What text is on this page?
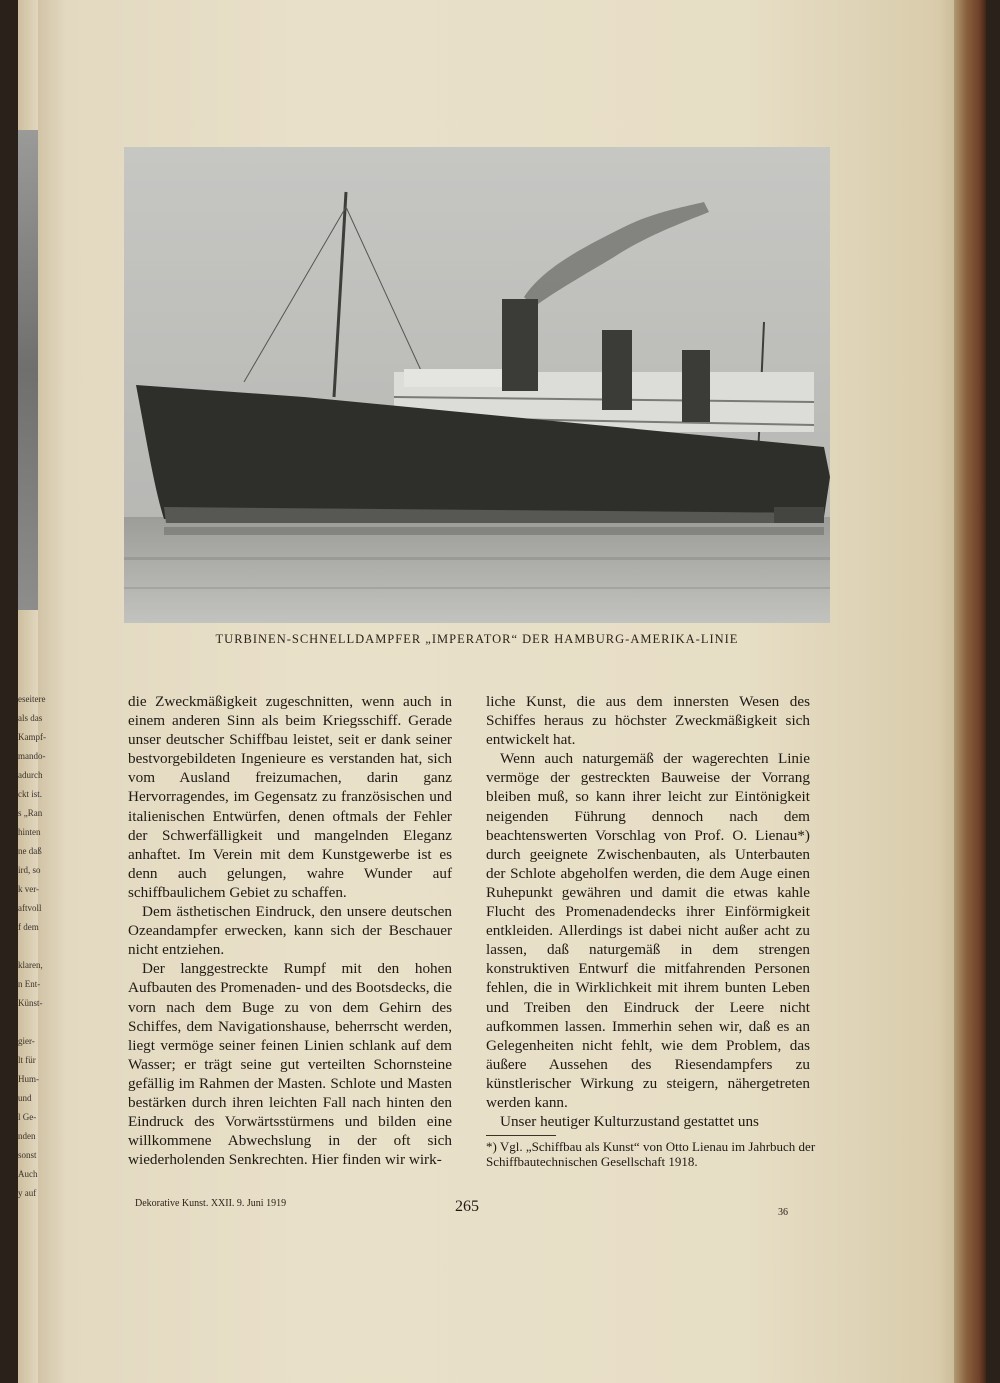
eseitere
als das
Kampf-
mando-
adurch
ckt ist.
s „Ran
hinten
ne daß
ird, so
k ver-
aftvoll
f dem

klaren,
n Ent-
Künst-

gier-
lt für
Hum-
und
l Ge-
nden
sonst
Auch
y auf
TURBINEN-SCHNELLDAMPFER „IMPERATOR“ DER HAMBURG-AMERIKA-LINIE

die Zweckmäßigkeit zugeschnitten, wenn auch in einem anderen Sinn als beim Kriegsschiff. Gerade unser deutscher Schiffbau leistet, seit er dank seiner bestvorgebildeten Ingenieure es verstanden hat, sich vom Ausland freizumachen, darin ganz Hervorragendes, im Gegensatz zu französischen und italienischen Entwürfen, denen oftmals der Fehler der Schwerfälligkeit und mangelnden Eleganz anhaftet. Im Verein mit dem Kunstgewerbe ist es denn auch gelungen, wahre Wunder auf schiffbaulichem Gebiet zu schaffen.

Dem ästhetischen Eindruck, den unsere deutschen Ozeandampfer erwecken, kann sich der Beschauer nicht entziehen.

Der langgestreckte Rumpf mit den hohen Aufbauten des Promenaden- und des Bootsdecks, die vorn nach dem Buge zu von dem Gehirn des Schiffes, dem Navigationshause, beherrscht werden, liegt vermöge seiner feinen Linien schlank auf dem Wasser; er trägt seine gut verteilten Schornsteine gefällig im Rahmen der Masten. Schlote und Masten bestärken durch ihren leichten Fall nach hinten den Eindruck des Vorwärtsstürmens und bilden eine willkommene Abwechslung in der oft sich wiederholenden Senkrechten. Hier finden wir wirk-

liche Kunst, die aus dem innersten Wesen des Schiffes heraus zu höchster Zweckmäßigkeit sich entwickelt hat.

Wenn auch naturgemäß der wagerechten Linie vermöge der gestreckten Bauweise der Vorrang bleiben muß, so kann ihrer leicht zur Eintönigkeit neigenden Führung dennoch nach dem beachtenswerten Vorschlag von Prof. O. Lienau*) durch geeignete Zwischenbauten, als Unterbauten der Schlote abgeholfen werden, die dem Auge einen Ruhepunkt gewähren und damit die etwas kahle Flucht des Promenadendecks ihrer Einförmigkeit entkleiden. Allerdings ist dabei nicht außer acht zu lassen, daß naturgemäß in dem strengen konstruktiven Entwurf die mitfahrenden Personen fehlen, die in Wirklichkeit mit ihrem bunten Leben und Treiben den Eindruck der Leere nicht aufkommen lassen. Immerhin sehen wir, daß es an Gelegenheiten nicht fehlt, wie dem Problem, das äußere Aussehen des Riesendampfers zu künstlerischer Wirkung zu steigern, nähergetreten werden kann.

Unser heutiger Kulturzustand gestattet uns

*) Vgl. „Schiffbau als Kunst“ von Otto Lienau im Jahrbuch der Schiffbautechnischen Gesellschaft 1918.
Dekorative Kunst. XXII. 9. Juni 1919	265	36
